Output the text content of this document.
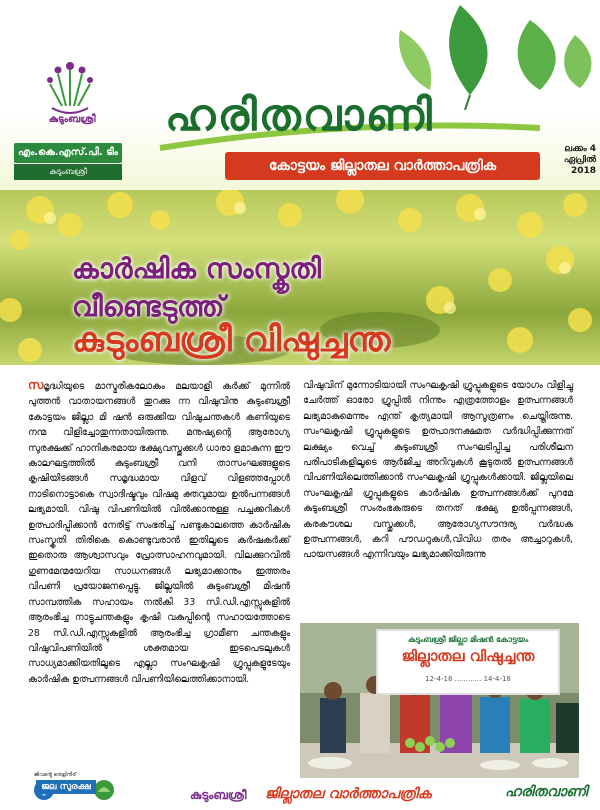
കുടുംബശ്രീ
എം.കെ.എസ്.പി. ടീം
കുടുംബശ്രീ
ഹരിതവാണി
കോട്ടയം ജില്ലാതല വാർത്താപത്രിക
ലക്കം 4
ഏപ്രിൽ
2018
കാർഷിക സംസ്കൃതി
വീണ്ടെടുത്ത്
കുടുംബശ്രീ വിഷുച്ചന്ത
സമൃദ്ധിയുടെ മാസ്മരികലോകം മലയാളി കർക്ക് മുന്നിൽ പുത്തൻ വാതായനങ്ങൾ തുറക്കു ന്ന വിഷുവിനു കുടുംബശ്രീ കോട്ടയം ജില്ലാ മി ഷൻ ഒരുക്കിയ വിഷുചന്തകൾ കണിയുടെ നന്മ വിളിച്ചോതുന്നതായിരുന്നു. മനുഷ്യന്റെ ആരോഗ്യ സുരക്ഷക്ക് ഹാനികരമായ ഭക്ഷ്യവസ്തുക്കൾ ധാരാ ളമാകുന്ന ഈ കാലഘട്ടത്തിൽ കുടുംബശ്രീ വനി താസംഘങ്ങളുടെ കൃഷിയിടങ്ങൾ സമൃദ്ധമായ വിളവ് വിളഞ്ഞപ്പോൾ നാടിനൊട്ടാകെ സ്വാദിഷ്ടവും വിഷമു ക്തവുമായ ഉൽപന്നങ്ങൾ ലഭ്യമായി. വിഷു വിപണിയിൽ വിൽക്കാനുള്ള പച്ചക്കറികൾ ഉത്പാദിപ്പിക്കാൻ നേരിട്ട് സംഭരിച്ച് പണ്ടുകാലത്തെ കാർഷിക സംസ്കൃതി തിരികെ കൊണ്ടുവരാൻ ഇതിലൂടെ കർഷകർക്ക് ഇതൊരു ആശ്വാസവും പ്രോത്സാഹനവുമായി. വിലക്കുറവിൽ ഗുണമേന്മയേറിയ സാധനങ്ങൾ ലഭ്യമാക്കാനും ഇത്തരം വിപണി പ്രയോജനപ്പെട്ടു. ജില്ലയിൽ കുടുംബശ്രീ മിഷൻ സാമ്പത്തിക സഹായം നൽകി 33 സി.ഡി.എസ്സുകളിൽ ആരംഭിച്ച നാട്ടുചന്തകളും കൃഷി വകുപ്പിന്റെ സഹായത്തോടെ 28 സി.ഡി.എസ്സുകളിൽ ആരംഭിച്ച ഗ്രാമീണ ചന്തകളും വിഷുവിപണിയിൽ ശക്തമായ ഇടപെടലുകൾ സാധ്യമാക്കിയതിലൂടെ എല്ലാ സംഘകൃഷി ഗ്രൂപ്പുകളുടേയും കാർഷിക ഉത്പന്നങ്ങൾ വിപണിയിലെത്തിക്കാനായി.
വിഷുവിന് മുന്നോടിയായി സംഘകൃഷി ഗ്രൂപ്പുകളുടെ യോഗം വിളിച്ചു ചേർത്ത് ഓരോ ഗ്രൂപ്പിൽ നിന്നും എത്രത്തോളം ഉത്പന്നങ്ങൾ ലഭ്യമാകുമെന്നും എന്ത് കൃത്യമായി ആസൂത്രണം ചെയ്തിരുന്നു. സംഘകൃഷി ഗ്രൂപ്പുകളുടെ ഉത്പാദനക്ഷമത വർദ്ധിപ്പിക്കുന്നത് ലക്ഷ്യം വെച്ച് കുടുംബശ്രീ സംഘടിപ്പിച്ച പരിശീലന പരിപാടികളിലൂടെ ആർജിച്ച അറിവുകൾ കൂടുതൽ ഉത്പന്നങ്ങൾ വിപണിയിലെത്തിക്കാൻ സംഘകൃഷി ഗ്രൂപ്പുകൾക്കായി. ജില്ലയിലെ സംഘകൃഷി ഗ്രൂപ്പുകളുടെ കാർഷിക ഉത്പന്നങ്ങൾക്ക് പുറമേ കുടുംബശ്രീ സംരംഭകരുടെ തനത് ഭക്ഷ്യ ഉൽപ്പന്നങ്ങൾ, കരകൗശല വസ്തുക്കൾ, ആരോഗ്യസൗന്ദര്യ വർദ്ധക ഉത്പന്നങ്ങൾ, കറി പൗഡറുകൾ,വിവിധ തരം അച്ചാറുകൾ, പായസങ്ങൾ എന്നിവയും ലഭ്യമാക്കിയിരുന്നു
കുടുംബശ്രീ ജില്ലാ മിഷൻ കോട്ടയം
ജില്ലാതല വിഷുച്ചന്ത
12-4-18 ............ 14-4-18
ജീവൻ്റെ തെളിനീര്
ജല സുരക്ഷ
കുടുംബശ്രീ ജില്ലാതല വാർത്താപത്രിക	ഹരിതവാണി
